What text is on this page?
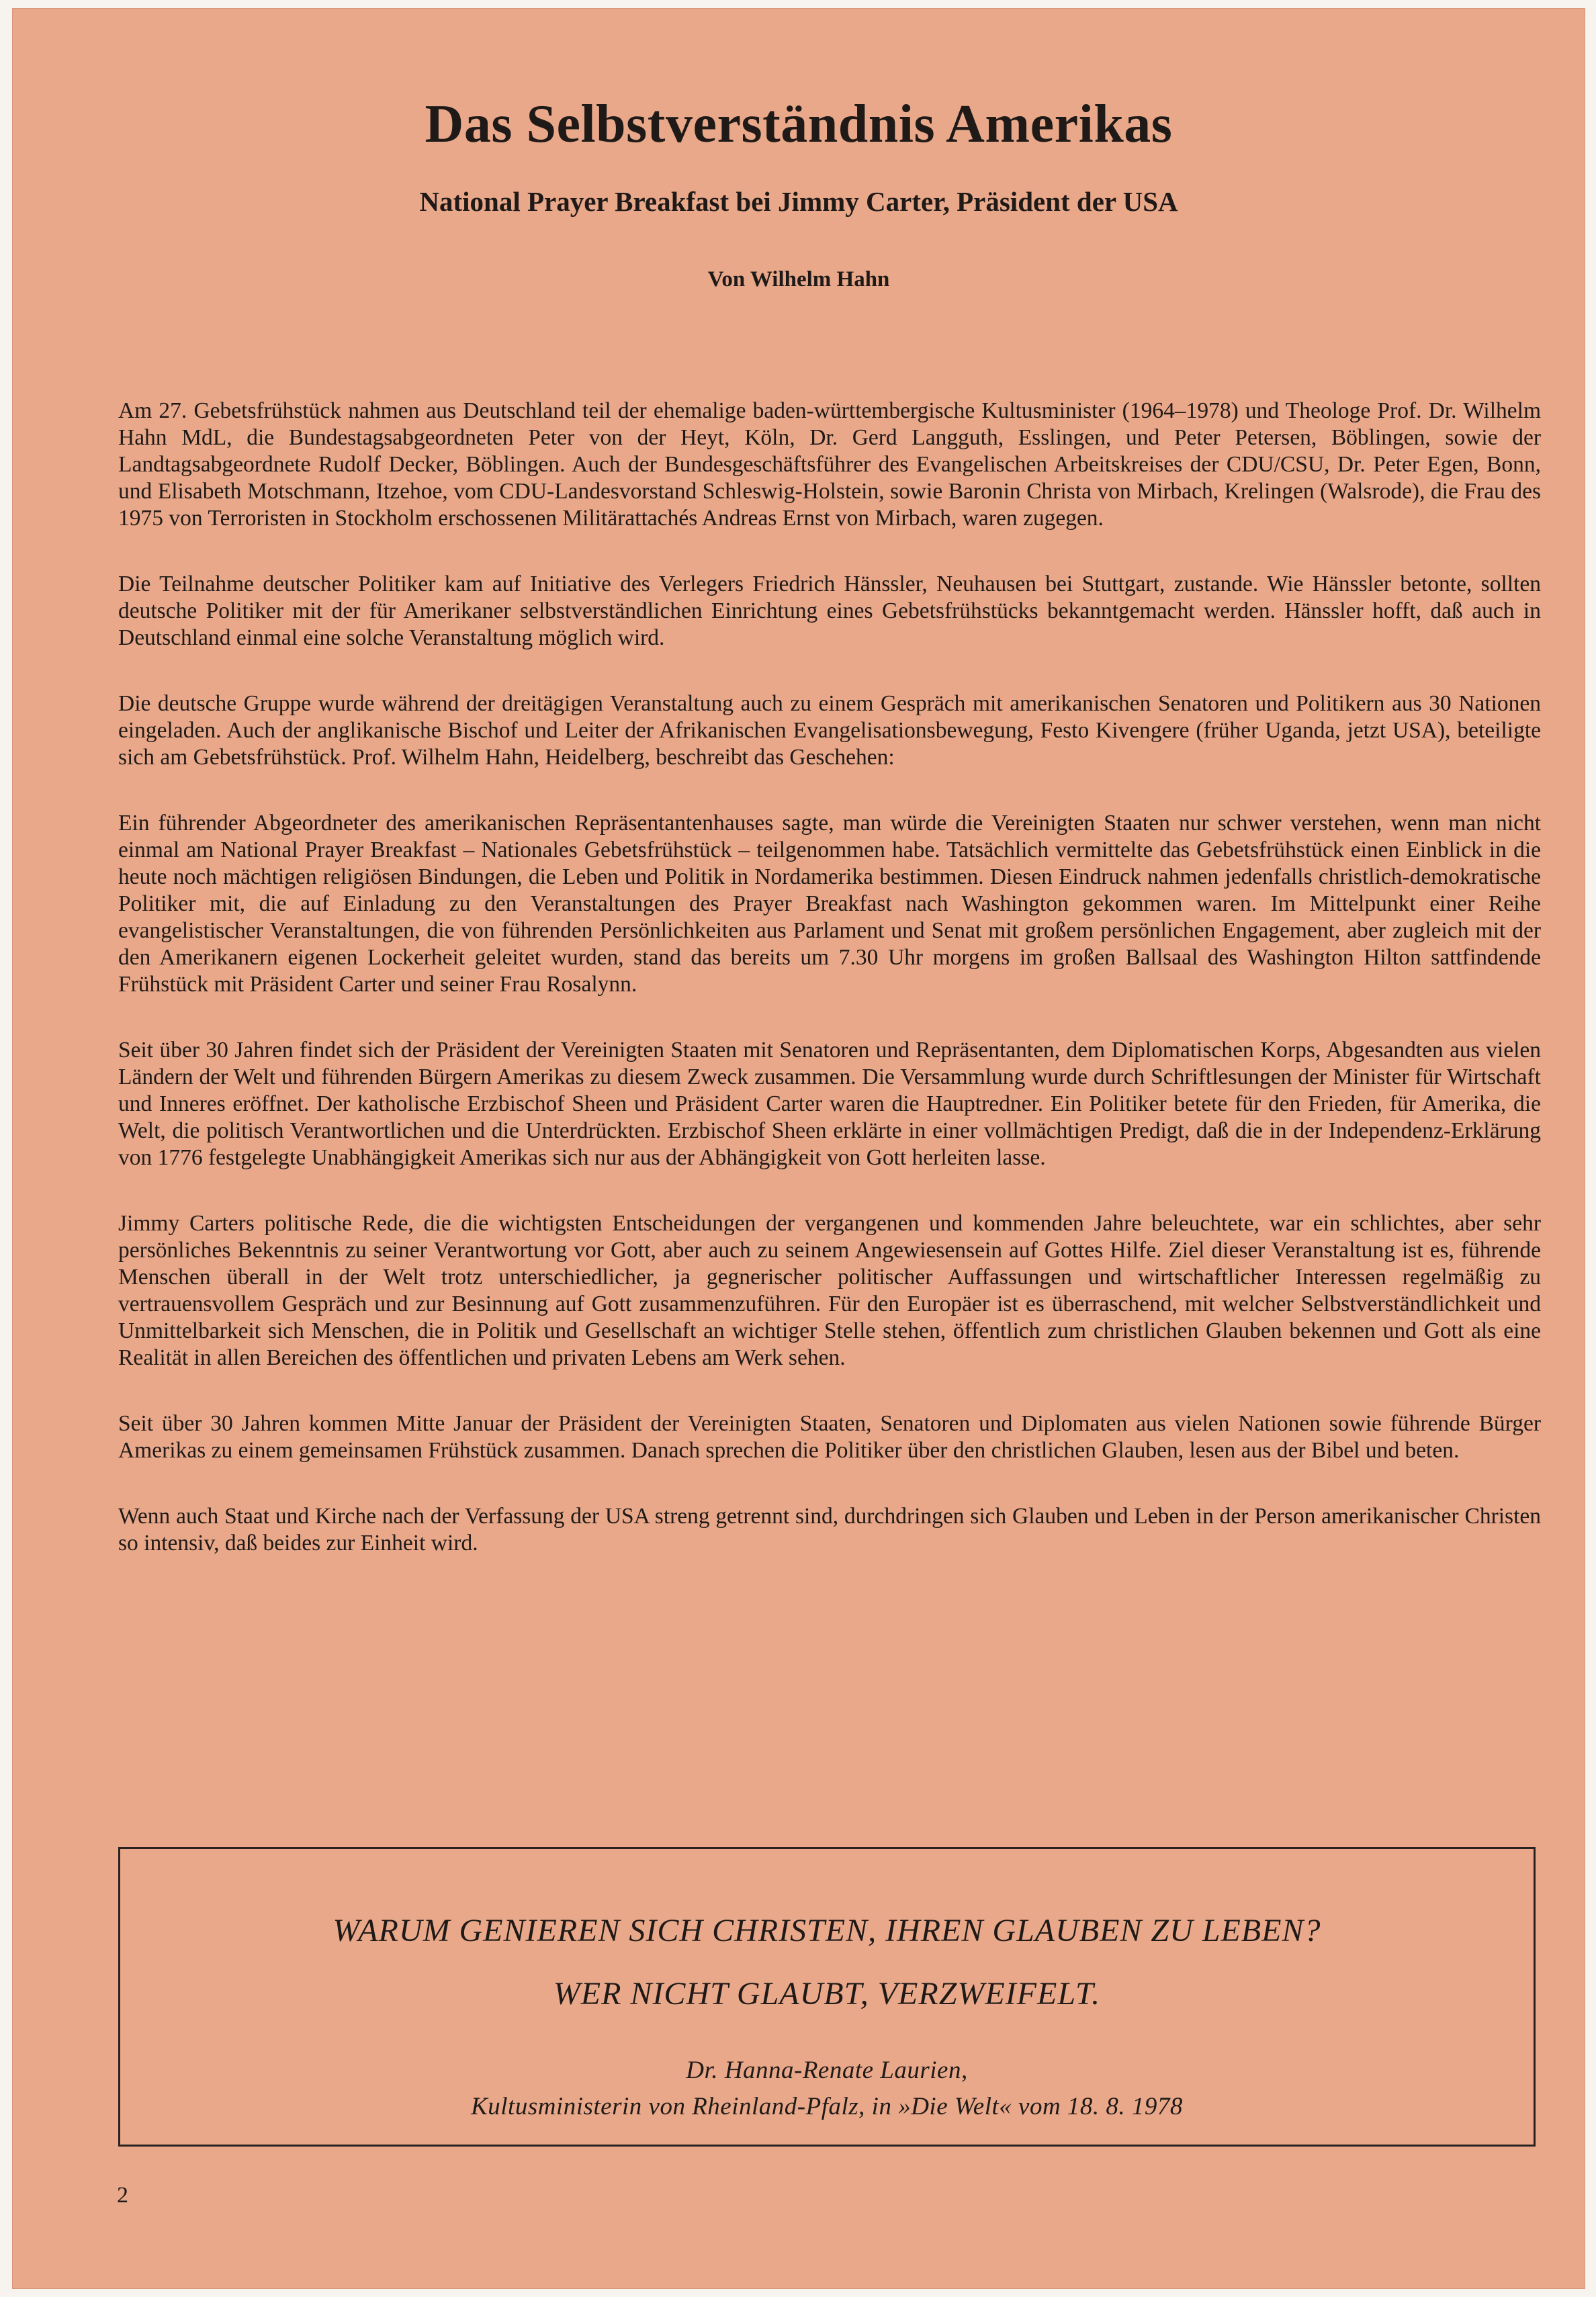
Das Selbstverständnis Amerikas
National Prayer Breakfast bei Jimmy Carter, Präsident der USA
Von Wilhelm Hahn

Am 27. Gebetsfrühstück nahmen aus Deutschland teil der ehemalige baden-württembergische Kultusminister (1964–1978) und Theologe Prof. Dr. Wilhelm Hahn MdL, die Bundestagsabgeordneten Peter von der Heyt, Köln, Dr. Gerd Langguth, Esslingen, und Peter Petersen, Böblingen, sowie der Landtagsabgeordnete Rudolf Decker, Böblingen. Auch der Bundesgeschäftsführer des Evangelischen Arbeitskreises der CDU/CSU, Dr. Peter Egen, Bonn, und Elisabeth Motschmann, Itzehoe, vom CDU-Landesvorstand Schleswig-Holstein, sowie Baronin Christa von Mirbach, Krelingen (Walsrode), die Frau des 1975 von Terroristen in Stockholm erschossenen Militärattachés Andreas Ernst von Mirbach, waren zugegen.

Die Teilnahme deutscher Politiker kam auf Initiative des Verlegers Friedrich Hänssler, Neuhausen bei Stuttgart, zustande. Wie Hänssler betonte, sollten deutsche Politiker mit der für Amerikaner selbstverständlichen Einrichtung eines Gebetsfrühstücks bekanntgemacht werden. Hänssler hofft, daß auch in Deutschland einmal eine solche Veranstaltung möglich wird.

Die deutsche Gruppe wurde während der dreitägigen Veranstaltung auch zu einem Gespräch mit amerikanischen Senatoren und Politikern aus 30 Nationen eingeladen. Auch der anglikanische Bischof und Leiter der Afrikanischen Evangelisationsbewegung, Festo Kivengere (früher Uganda, jetzt USA), beteiligte sich am Gebetsfrühstück. Prof. Wilhelm Hahn, Heidelberg, beschreibt das Geschehen:

Ein führender Abgeordneter des amerikanischen Repräsentantenhauses sagte, man würde die Vereinigten Staaten nur schwer verstehen, wenn man nicht einmal am National Prayer Breakfast – Nationales Gebetsfrühstück – teilgenommen habe. Tatsächlich vermittelte das Gebetsfrühstück einen Einblick in die heute noch mächtigen religiösen Bindungen, die Leben und Politik in Nordamerika bestimmen. Diesen Eindruck nahmen jedenfalls christlich-demokratische Politiker mit, die auf Einladung zu den Veranstaltungen des Prayer Breakfast nach Washington gekommen waren. Im Mittelpunkt einer Reihe evangelistischer Veranstaltungen, die von führenden Persönlichkeiten aus Parlament und Senat mit großem persönlichen Engagement, aber zugleich mit der den Amerikanern eigenen Lockerheit geleitet wurden, stand das bereits um 7.30 Uhr morgens im großen Ballsaal des Washington Hilton sattfindende Frühstück mit Präsident Carter und seiner Frau Rosalynn.

Seit über 30 Jahren findet sich der Präsident der Vereinigten Staaten mit Senatoren und Repräsentanten, dem Diplomatischen Korps, Abgesandten aus vielen Ländern der Welt und führenden Bürgern Amerikas zu diesem Zweck zusammen. Die Versammlung wurde durch Schriftlesungen der Minister für Wirtschaft und Inneres eröffnet. Der katholische Erzbischof Sheen und Präsident Carter waren die Hauptredner. Ein Politiker betete für den Frieden, für Amerika, die Welt, die politisch Verantwortlichen und die Unterdrückten. Erzbischof Sheen erklärte in einer vollmächtigen Predigt, daß die in der Independenz-Erklärung von 1776 festgelegte Unabhängigkeit Amerikas sich nur aus der Abhängigkeit von Gott herleiten lasse.

Jimmy Carters politische Rede, die die wichtigsten Entscheidungen der vergangenen und kommenden Jahre beleuchtete, war ein schlichtes, aber sehr persönliches Bekenntnis zu seiner Verantwortung vor Gott, aber auch zu seinem Angewiesensein auf Gottes Hilfe. Ziel dieser Veranstaltung ist es, führende Menschen überall in der Welt trotz unterschiedlicher, ja gegnerischer politischer Auffassungen und wirtschaftlicher Interessen regelmäßig zu vertrauensvollem Gespräch und zur Besinnung auf Gott zusammenzuführen. Für den Europäer ist es überraschend, mit welcher Selbstverständlichkeit und Unmittelbarkeit sich Menschen, die in Politik und Gesellschaft an wichtiger Stelle stehen, öffentlich zum christlichen Glauben bekennen und Gott als eine Realität in allen Bereichen des öffentlichen und privaten Lebens am Werk sehen.

Seit über 30 Jahren kommen Mitte Januar der Präsident der Vereinigten Staaten, Senatoren und Diplomaten aus vielen Nationen sowie führende Bürger Amerikas zu einem gemeinsamen Frühstück zusammen. Danach sprechen die Politiker über den christlichen Glauben, lesen aus der Bibel und beten.

Wenn auch Staat und Kirche nach der Verfassung der USA streng getrennt sind, durchdringen sich Glauben und Leben in der Person amerikanischer Christen so intensiv, daß beides zur Einheit wird.

WARUM GENIEREN SICH CHRISTEN, IHREN GLAUBEN ZU LEBEN?
WER NICHT GLAUBT, VERZWEIFELT.
Dr. Hanna-Renate Laurien,
Kultusministerin von Rheinland-Pfalz, in »Die Welt« vom 18. 8. 1978
2
